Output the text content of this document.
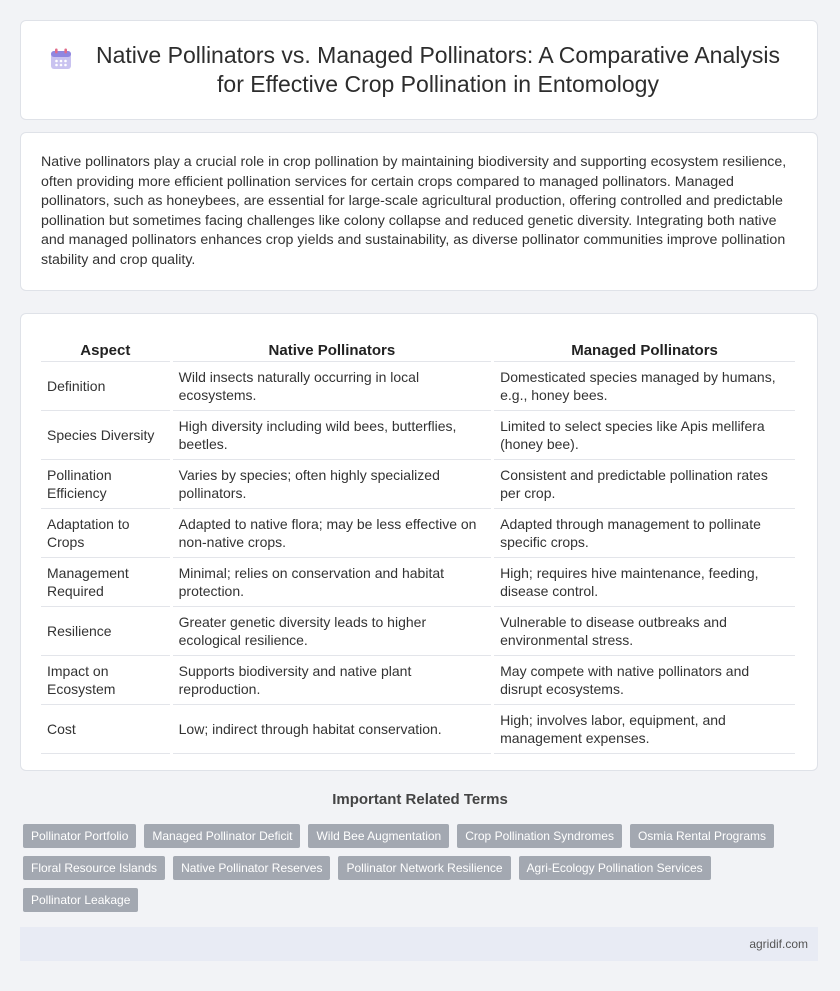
Native Pollinators vs. Managed Pollinators: A Comparative Analysis for Effective Crop Pollination in Entomology

Native pollinators play a crucial role in crop pollination by maintaining biodiversity and supporting ecosystem resilience, often providing more efficient pollination services for certain crops compared to managed pollinators. Managed pollinators, such as honeybees, are essential for large-scale agricultural production, offering controlled and predictable pollination but sometimes facing challenges like colony collapse and reduced genetic diversity. Integrating both native and managed pollinators enhances crop yields and sustainability, as diverse pollinator communities improve pollination stability and crop quality.

Aspect	Native Pollinators	Managed Pollinators
Definition	Wild insects naturally occurring in local ecosystems.	Domesticated species managed by humans, e.g., honey bees.
Species Diversity	High diversity including wild bees, butterflies, beetles.	Limited to select species like Apis mellifera (honey bee).
Pollination Efficiency	Varies by species; often highly specialized pollinators.	Consistent and predictable pollination rates per crop.
Adaptation to Crops	Adapted to native flora; may be less effective on non-native crops.	Adapted through management to pollinate specific crops.
Management Required	Minimal; relies on conservation and habitat protection.	High; requires hive maintenance, feeding, disease control.
Resilience	Greater genetic diversity leads to higher ecological resilience.	Vulnerable to disease outbreaks and environmental stress.
Impact on Ecosystem	Supports biodiversity and native plant reproduction.	May compete with native pollinators and disrupt ecosystems.
Cost	Low; indirect through habitat conservation.	High; involves labor, equipment, and management expenses.
Important Related Terms
Pollinator Portfolio	Managed Pollinator Deficit	Wild Bee Augmentation	Crop Pollination Syndromes	Osmia Rental Programs
Floral Resource Islands	Native Pollinator Reserves	Pollinator Network Resilience	Agri-Ecology Pollination Services
Pollinator Leakage
agridif.com
